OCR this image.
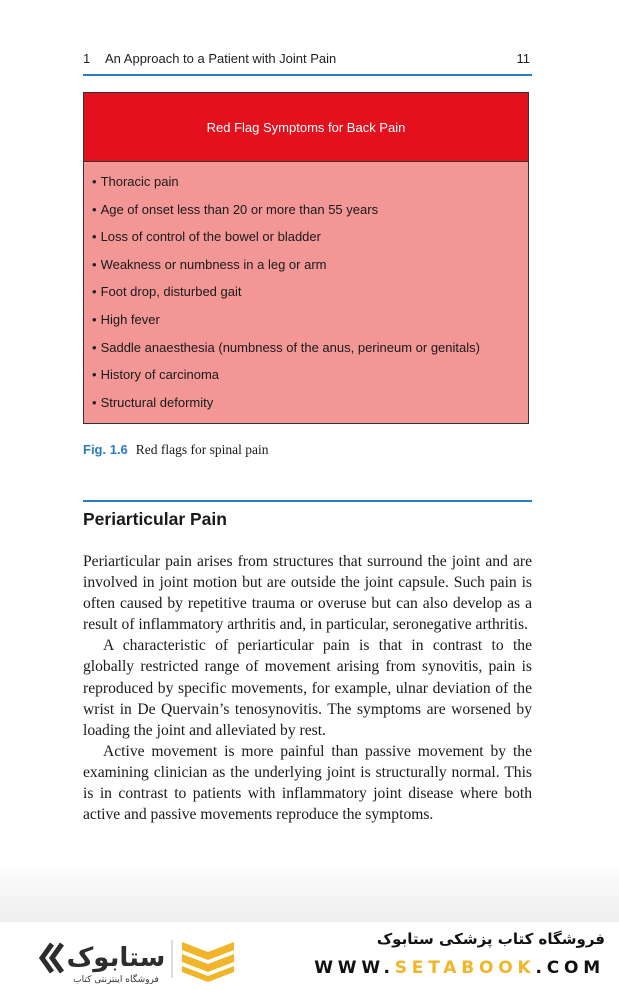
1 An Approach to a Patient with Joint Pain	11
Red Flag Symptoms for Back Pain
• Thoracic pain
• Age of onset less than 20 or more than 55 years
• Loss of control of the bowel or bladder
• Weakness or numbness in a leg or arm
• Foot drop, disturbed gait
• High fever
• Saddle anaesthesia (numbness of the anus, perineum or genitals)
• History of carcinoma
• Structural deformity
Fig. 1.6 Red flags for spinal pain
Periarticular Pain

Periarticular pain arises from structures that surround the joint and are involved in joint motion but are outside the joint capsule. Such pain is often caused by repetitive trauma or overuse but can also develop as a result of inflammatory arthritis and, in particular, seronegative arthritis.

A characteristic of periarticular pain is that in contrast to the globally restricted range of movement arising from synovitis, pain is reproduced by specific movements, for example, ulnar deviation of the wrist in De Quervain’s tenosynovitis. The symptoms are worsened by loading the joint and alleviated by rest.

Active movement is more painful than passive movement by the examining clinician as the underlying joint is structurally normal. This is in contrast to patients with inflammatory joint disease where both active and passive movements reproduce the symptoms.

ستابوک
فروشگاه اینترنتی کتاب
فروشگاه کتاب پزشکی ستابوک
WWW.SETABOOK.COM
